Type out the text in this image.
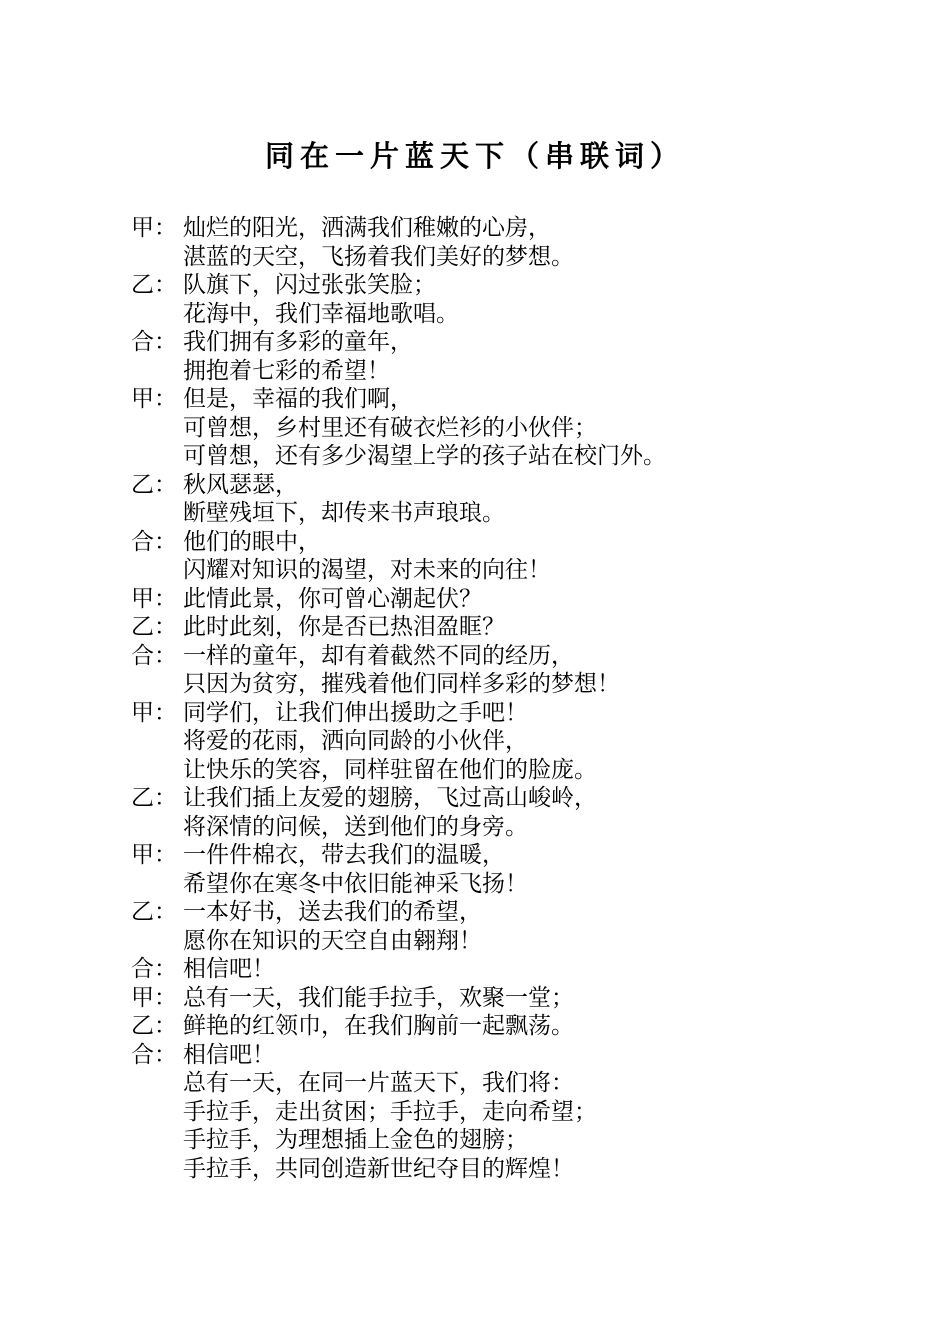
同在一片蓝天下（串联词）
甲： 灿烂的阳光，洒满我们稚嫩的心房，
湛蓝的天空，飞扬着我们美好的梦想。
乙： 队旗下，闪过张张笑脸；
花海中，我们幸福地歌唱。
合： 我们拥有多彩的童年，
拥抱着七彩的希望！
甲： 但是，幸福的我们啊，
可曾想，乡村里还有破衣烂衫的小伙伴；
可曾想，还有多少渴望上学的孩子站在校门外。
乙： 秋风瑟瑟，
断壁残垣下，却传来书声琅琅。
合： 他们的眼中，
闪耀对知识的渴望，对未来的向往！
甲： 此情此景，你可曾心潮起伏？
乙： 此时此刻，你是否已热泪盈眶？
合： 一样的童年，却有着截然不同的经历，
只因为贫穷，摧残着他们同样多彩的梦想！
甲： 同学们，让我们伸出援助之手吧！
将爱的花雨，洒向同龄的小伙伴，
让快乐的笑容，同样驻留在他们的脸庞。
乙： 让我们插上友爱的翅膀，飞过高山峻岭，
将深情的问候，送到他们的身旁。
甲： 一件件棉衣，带去我们的温暖，
希望你在寒冬中依旧能神采飞扬！
乙： 一本好书，送去我们的希望，
愿你在知识的天空自由翱翔！
合： 相信吧！
甲： 总有一天，我们能手拉手，欢聚一堂；
乙： 鲜艳的红领巾，在我们胸前一起飘荡。
合： 相信吧！
总有一天，在同一片蓝天下，我们将：
手拉手，走出贫困；手拉手，走向希望；
手拉手，为理想插上金色的翅膀；
手拉手，共同创造新世纪夺目的辉煌！
